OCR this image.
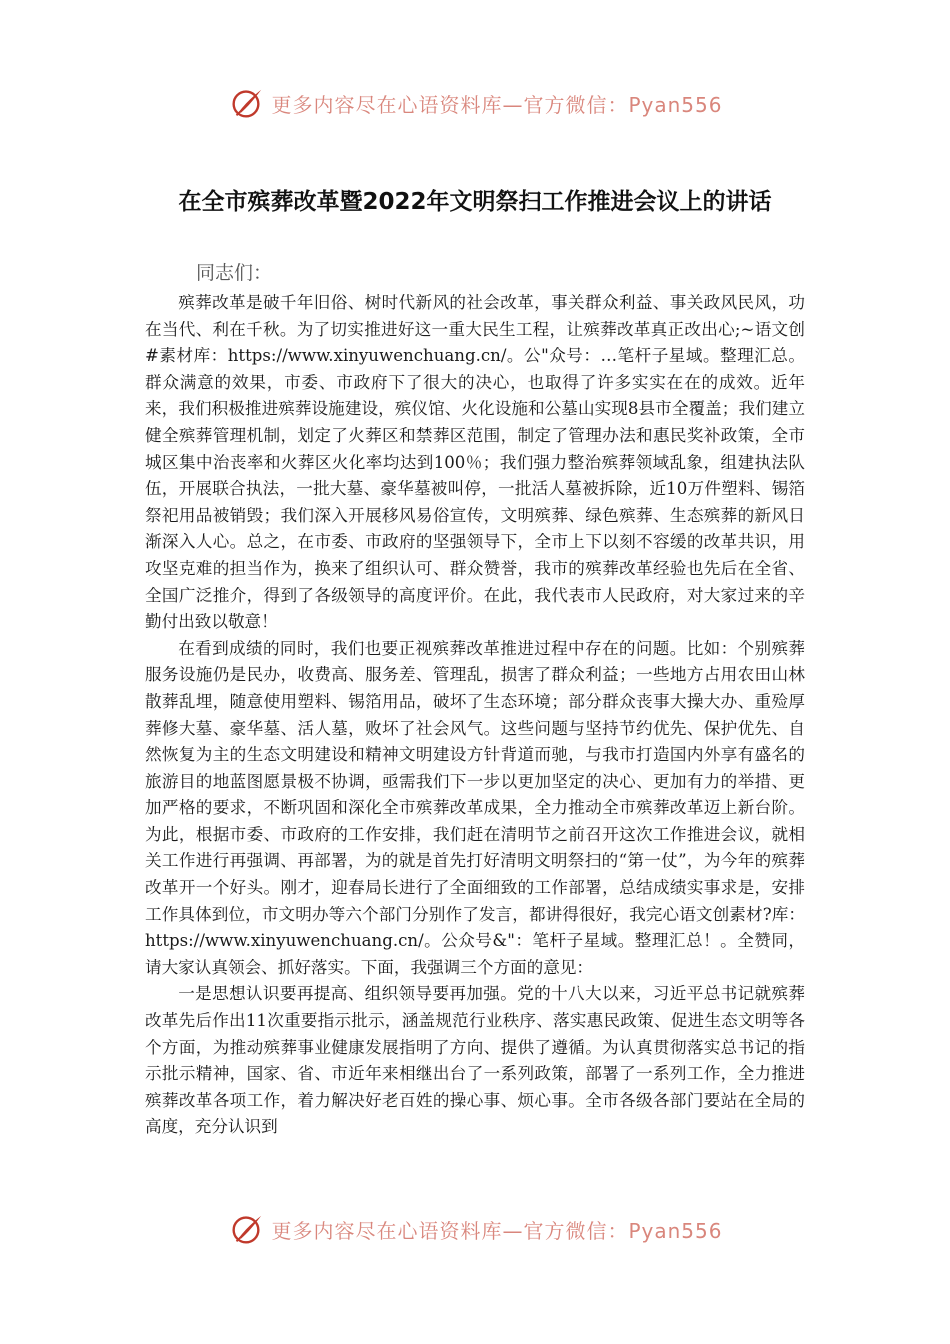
更多内容尽在心语资料库—官方微信：Pyan556
在全市殡葬改革暨2022年文明祭扫工作推进会议上的讲话

同志们：

殡葬改革是破千年旧俗、树时代新风的社会改革，事关群众利益、事关政风民风，功在当代、利在千秋。为了切实推进好这一重大民生工程，让殡葬改革真正改出心;~语文创#素材库：https://www.xinyuwenchuang.cn/。公"众号：…笔杆子星域。整理汇总。群众满意的效果，市委、市政府下了很大的决心，也取得了许多实实在在的成效。近年来，我们积极推进殡葬设施建设，殡仪馆、火化设施和公墓山实现8县市全覆盖；我们建立健全殡葬管理机制，划定了火葬区和禁葬区范围，制定了管理办法和惠民奖补政策，全市城区集中治丧率和火葬区火化率均达到100％；我们强力整治殡葬领域乱象，组建执法队伍，开展联合执法，一批大墓、豪华墓被叫停，一批活人墓被拆除，近10万件塑料、锡箔祭祀用品被销毁；我们深入开展移风易俗宣传，文明殡葬、绿色殡葬、生态殡葬的新风日渐深入人心。总之，在市委、市政府的坚强领导下，全市上下以刻不容缓的改革共识，用攻坚克难的担当作为，换来了组织认可、群众赞誉，我市的殡葬改革经验也先后在全省、全国广泛推介，得到了各级领导的高度评价。在此，我代表市人民政府，对大家过来的辛勤付出致以敬意！

在看到成绩的同时，我们也要正视殡葬改革推进过程中存在的问题。比如：个别殡葬服务设施仍是民办，收费高、服务差、管理乱，损害了群众利益；一些地方占用农田山林散葬乱埋，随意使用塑料、锡箔用品，破坏了生态环境；部分群众丧事大操大办、重殓厚葬修大墓、豪华墓、活人墓，败坏了社会风气。这些问题与坚持节约优先、保护优先、自然恢复为主的生态文明建设和精神文明建设方针背道而驰，与我市打造国内外享有盛名的旅游目的地蓝图愿景极不协调，亟需我们下一步以更加坚定的决心、更加有力的举措、更加严格的要求，不断巩固和深化全市殡葬改革成果，全力推动全市殡葬改革迈上新台阶。为此，根据市委、市政府的工作安排，我们赶在清明节之前召开这次工作推进会议，就相关工作进行再强调、再部署，为的就是首先打好清明文明祭扫的“第一仗”，为今年的殡葬改革开一个好头。刚才，迎春局长进行了全面细致的工作部署，总结成绩实事求是，安排工作具体到位，市文明办等六个部门分别作了发言，都讲得很好，我完心语文创素材?库：https://www.xinyuwenchuang.cn/。公众号&"：笔杆子星域。整理汇总！。全赞同，请大家认真领会、抓好落实。下面，我强调三个方面的意见：

一是思想认识要再提高、组织领导要再加强。党的十八大以来，习近平总书记就殡葬改革先后作出11次重要指示批示，涵盖规范行业秩序、落实惠民政策、促进生态文明等各个方面，为推动殡葬事业健康发展指明了方向、提供了遵循。为认真贯彻落实总书记的指示批示精神，国家、省、市近年来相继出台了一系列政策，部署了一系列工作，全力推进殡葬改革各项工作，着力解决好老百姓的操心事、烦心事。全市各级各部门要站在全局的高度，充分认识到

更多内容尽在心语资料库—官方微信：Pyan556
